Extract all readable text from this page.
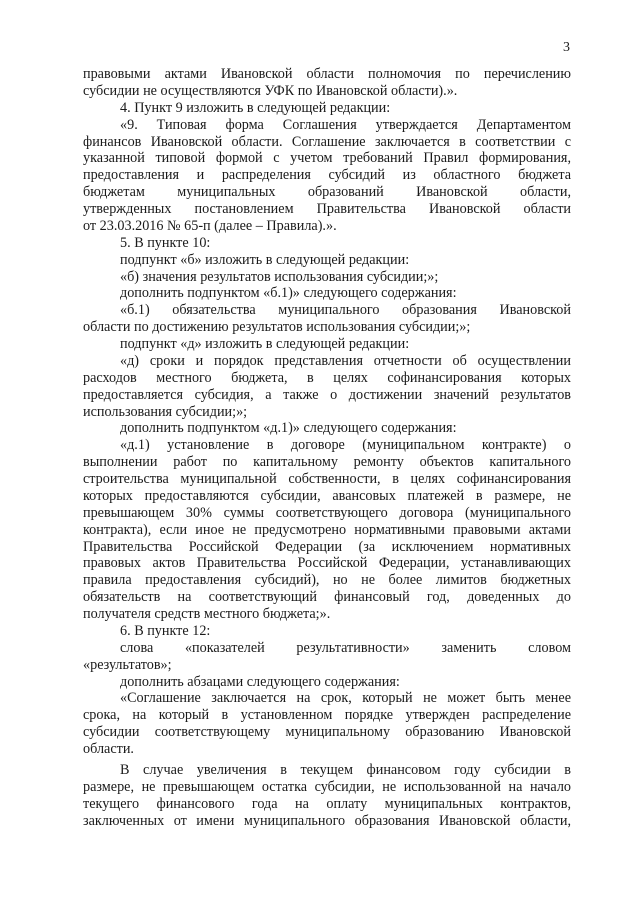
3
правовыми актами Ивановской области полномочия по перечислению
субсидии не осуществляются УФК по Ивановской области).».
4. Пункт 9 изложить в следующей редакции:
«9. Типовая форма Соглашения утверждается Департаментом
финансов Ивановской области. Соглашение заключается в соответствии с
указанной типовой формой с учетом требований Правил формирования,
предоставления и распределения субсидий из областного бюджета
бюджетам муниципальных образований Ивановской области,
утвержденных постановлением Правительства Ивановской области
от 23.03.2016 № 65-п (далее – Правила).».
5. В пункте 10:
подпункт «б» изложить в следующей редакции:
«б) значения результатов использования субсидии;»;
дополнить подпунктом «б.1)» следующего содержания:
«б.1) обязательства муниципального образования Ивановской
области по достижению результатов использования субсидии;»;
подпункт «д» изложить в следующей редакции:
«д) сроки и порядок представления отчетности об осуществлении
расходов местного бюджета, в целях софинансирования которых
предоставляется субсидия, а также о достижении значений результатов
использования субсидии;»;
дополнить подпунктом «д.1)» следующего содержания:
«д.1) установление в договоре (муниципальном контракте) о
выполнении работ по капитальному ремонту объектов капитального
строительства муниципальной собственности, в целях софинансирования
которых предоставляются субсидии, авансовых платежей в размере, не
превышающем 30% суммы соответствующего договора (муниципального
контракта), если иное не предусмотрено нормативными правовыми актами
Правительства Российской Федерации (за исключением нормативных
правовых актов Правительства Российской Федерации, устанавливающих
правила предоставления субсидий), но не более лимитов бюджетных
обязательств на соответствующий финансовый год, доведенных до
получателя средств местного бюджета;».
6. В пункте 12:
слова «показателей результативности» заменить словом
«результатов»;
дополнить абзацами следующего содержания:
«Соглашение заключается на срок, который не может быть менее
срока, на который в установленном порядке утвержден распределение
субсидии соответствующему муниципальному образованию Ивановской
области.
В случае увеличения в текущем финансовом году субсидии в
размере, не превышающем остатка субсидии, не использованной на начало
текущего финансового года на оплату муниципальных контрактов,
заключенных от имени муниципального образования Ивановской области,
